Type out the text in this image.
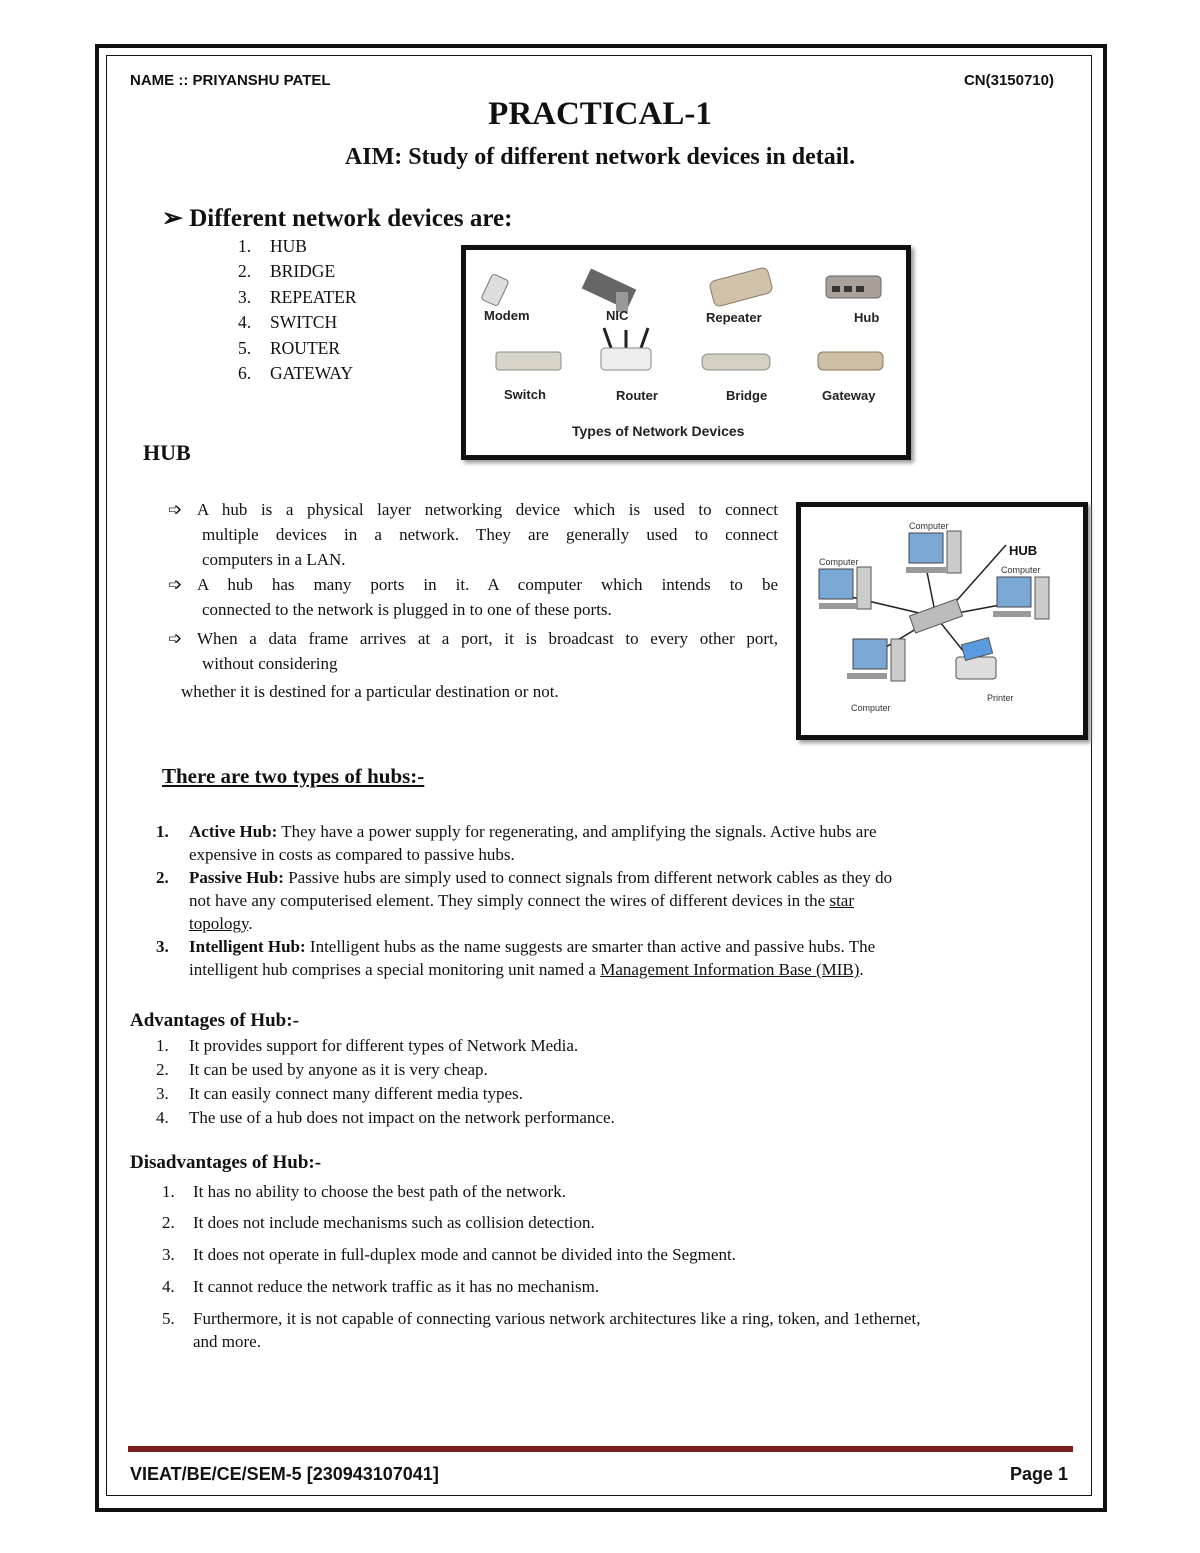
NAME :: PRIYANSHU PATEL	CN(3150710)
PRACTICAL-1
AIM: Study of different network devices in detail.
➢ Different network devices are:
1. HUB
2. BRIDGE
3. REPEATER
4. SWITCH
5. ROUTER
6. GATEWAY
Modem	NIC	Repeater	Hub
Switch	Router	Bridge	Gateway
Types of Network Devices
HUB
➩ A hub is a physical layer networking device which is used to connect
multiple devices in a network. They are generally used to connect
computers in a LAN.
➩ A hub has many ports in it. A computer which intends to be
connected to the network is plugged in to one of these ports.
➩ When a data frame arrives at a port, it is broadcast to every other port,
without considering
whether it is destined for a particular destination or not.
HUB
Computer
Computer
Computer
Computer
Printer
There are two types of hubs:-
1. Active Hub: They have a power supply for regenerating, and amplifying the signals. Active hubs are
expensive in costs as compared to passive hubs.
2. Passive Hub: Passive hubs are simply used to connect signals from different network cables as they do
not have any computerised element. They simply connect the wires of different devices in the star
topology.
3. Intelligent Hub: Intelligent hubs as the name suggests are smarter than active and passive hubs. The
intelligent hub comprises a special monitoring unit named a Management Information Base (MIB).
Advantages of Hub:-
1. It provides support for different types of Network Media.
2. It can be used by anyone as it is very cheap.
3. It can easily connect many different media types.
4. The use of a hub does not impact on the network performance.
Disadvantages of Hub:-
1. It has no ability to choose the best path of the network.
2. It does not include mechanisms such as collision detection.
3. It does not operate in full-duplex mode and cannot be divided into the Segment.
4. It cannot reduce the network traffic as it has no mechanism.
5. Furthermore, it is not capable of connecting various network architectures like a ring, token, and 1ethernet,
and more.
VIEAT/BE/CE/SEM-5 [230943107041]	Page 1
